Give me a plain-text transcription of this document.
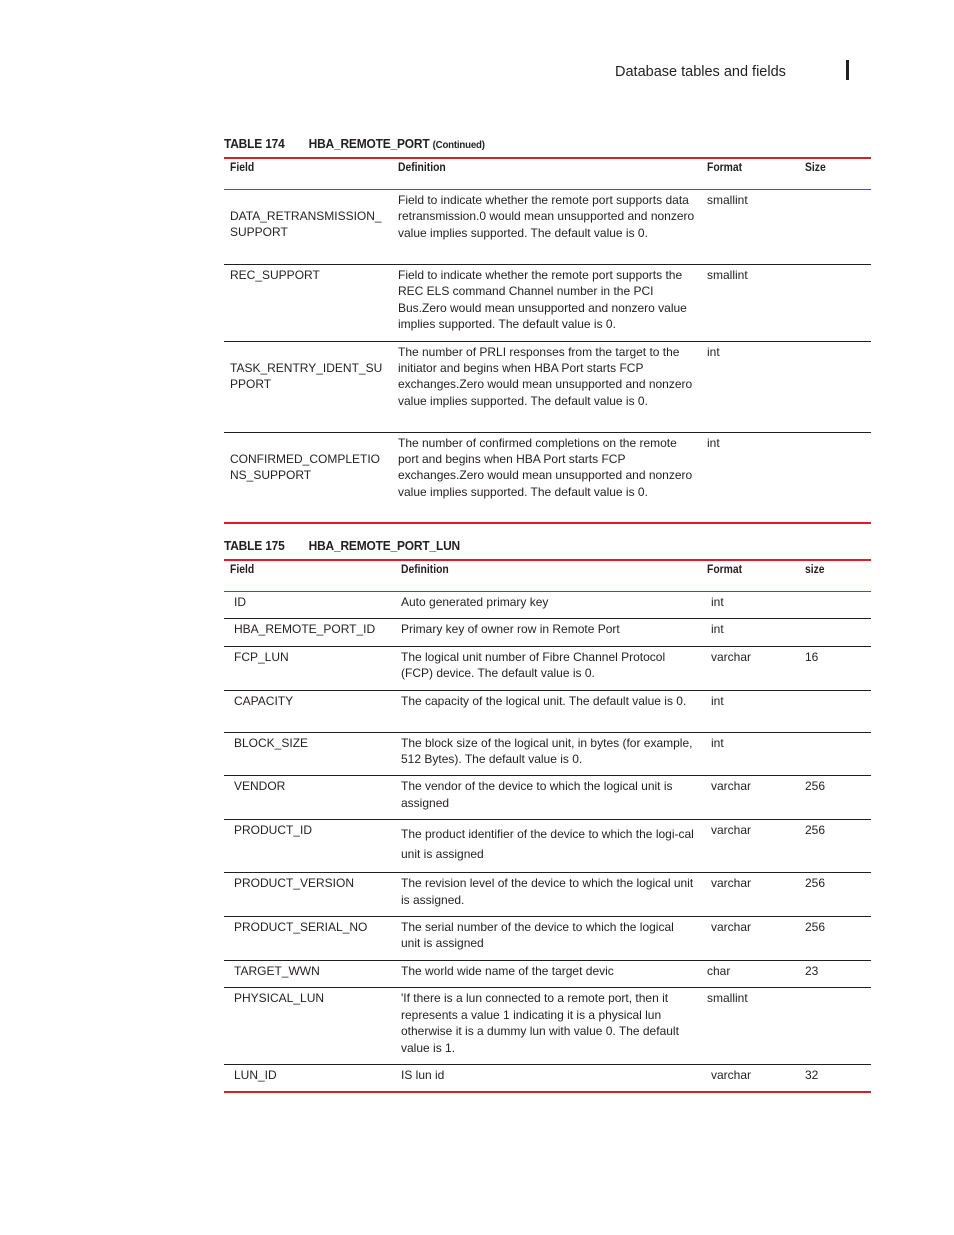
Database tables and fields
TABLE 174 HBA_REMOTE_PORT (Continued)
Field	Definition	Format	Size
DATA_RETRANSMISSION_SUPPORT	Field to indicate whether the remote port supports data retransmission.0 would mean unsupported and nonzero value implies supported. The default value is 0.	smallint	
REC_SUPPORT	Field to indicate whether the remote port supports the REC ELS command Channel number in the PCI Bus.Zero would mean unsupported and nonzero value implies supported. The default value is 0.	smallint	
TASK_RENTRY_IDENT_SUPPORT	The number of PRLI responses from the target to the initiator and begins when HBA Port starts FCP exchanges.Zero would mean unsupported and nonzero value implies supported. The default value is 0.	int	
CONFIRMED_COMPLETIONS_SUPPORT	The number of confirmed completions on the remote port and begins when HBA Port starts FCP exchanges.Zero would mean unsupported and nonzero value implies supported. The default value is 0.	int	
TABLE 175 HBA_REMOTE_PORT_LUN
Field	Definition	Format	size
ID	Auto generated primary key	int	
HBA_REMOTE_PORT_ID	Primary key of owner row in Remote Port	int	
FCP_LUN	The logical unit number of Fibre Channel Protocol (FCP) device. The default value is 0.	varchar	16
CAPACITY	The capacity of the logical unit. The default value is 0.	int	
BLOCK_SIZE	The block size of the logical unit, in bytes (for example, 512 Bytes). The default value is 0.	int	
VENDOR	The vendor of the device to which the logical unit is assigned	varchar	256
PRODUCT_ID	The product identifier of the device to which the logi-cal unit is assigned	varchar	256
PRODUCT_VERSION	The revision level of the device to which the logical unit is assigned.	varchar	256
PRODUCT_SERIAL_NO	The serial number of the device to which the logical unit is assigned	varchar	256
TARGET_WWN	The world wide name of the target devic	char	23
PHYSICAL_LUN	'If there is a lun connected to a remote port, then it represents a value 1 indicating it is a physical lun otherwise it is a dummy lun with value 0. The default value is 1.	smallint	
LUN_ID	IS lun id	varchar	32
